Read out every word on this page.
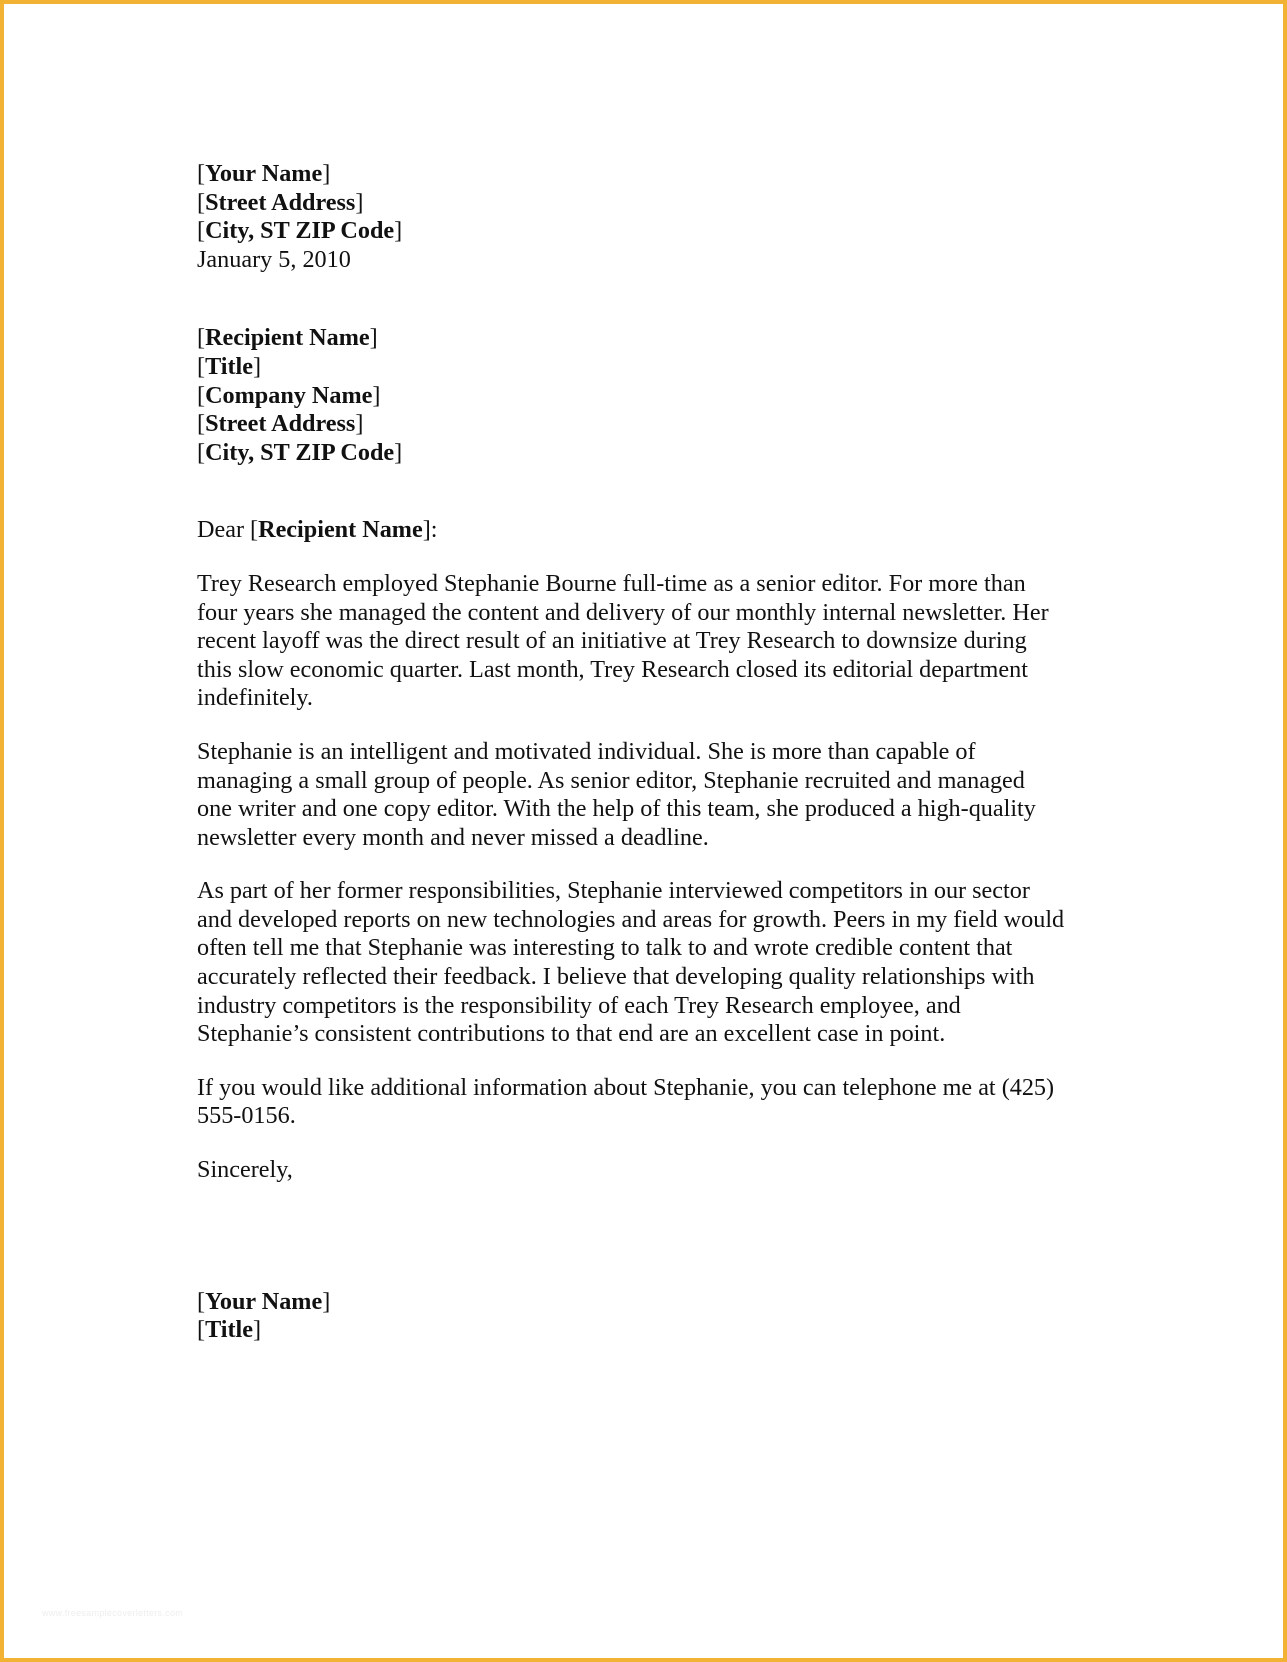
[Your Name]
[Street Address]
[City, ST ZIP Code]
January 5, 2010
[Recipient Name]
[Title]
[Company Name]
[Street Address]
[City, ST ZIP Code]
Dear [Recipient Name]:
Trey Research employed Stephanie Bourne full-time as a senior editor. For more than
four years she managed the content and delivery of our monthly internal newsletter. Her
recent layoff was the direct result of an initiative at Trey Research to downsize during
this slow economic quarter. Last month, Trey Research closed its editorial department
indefinitely.
Stephanie is an intelligent and motivated individual. She is more than capable of
managing a small group of people. As senior editor, Stephanie recruited and managed
one writer and one copy editor. With the help of this team, she produced a high-quality
newsletter every month and never missed a deadline.
As part of her former responsibilities, Stephanie interviewed competitors in our sector
and developed reports on new technologies and areas for growth. Peers in my field would
often tell me that Stephanie was interesting to talk to and wrote credible content that
accurately reflected their feedback. I believe that developing quality relationships with
industry competitors is the responsibility of each Trey Research employee, and
Stephanie’s consistent contributions to that end are an excellent case in point.
If you would like additional information about Stephanie, you can telephone me at (425)
555-0156.
Sincerely,
[Your Name]
[Title]
www.freesamplecoverletters.com
